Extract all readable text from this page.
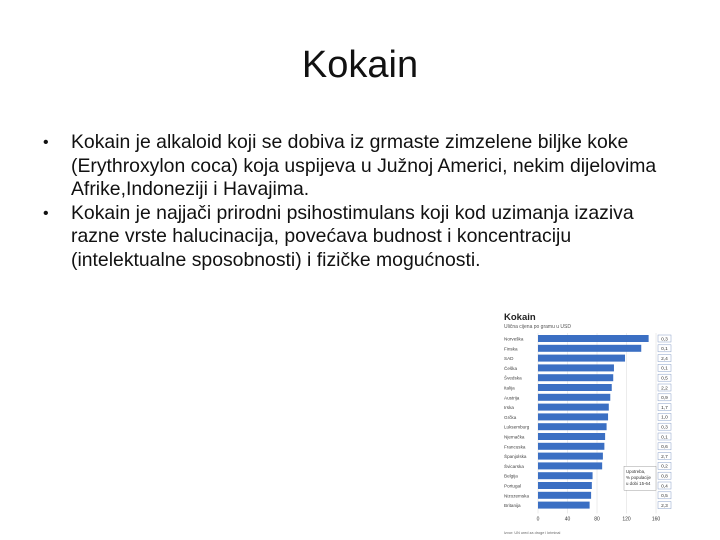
Kokain
• Kokain je alkaloid koji se dobiva iz grmaste zimzelene biljke koke (Erythroxylon coca) koja uspijeva u Južnoj Americi, nekim dijelovima Afrike,Indoneziji i Havajima.
• Kokain je najjači prirodni psihostimulans koji kod uzimanja izaziva razne vrste halucinacija, povećava budnost i koncentraciju (intelektualne sposobnosti) i fizičke mogućnosti.
Kokain
Ulična cijena po gramu u USD
0	40	80	120	160
Norveška	0,3
Finska	0,1
SAD	2,4
Češka	0,1
Švedska	0,5
Italija	2,2
Austrija	0,9
Irska	1,7
Grčka	1,0
Luksemburg	0,3
Njemačka	0,1
Francuska	0,6
Španjolska	2,7
Švicarska	0,2
Belgija	0,8
Portugal	0,4
Nizozemska	0,5
Britanija	2,3
Upotreba,
% populacije
u dobi 15-64
Izvor: UN ured za droge i kriminal
